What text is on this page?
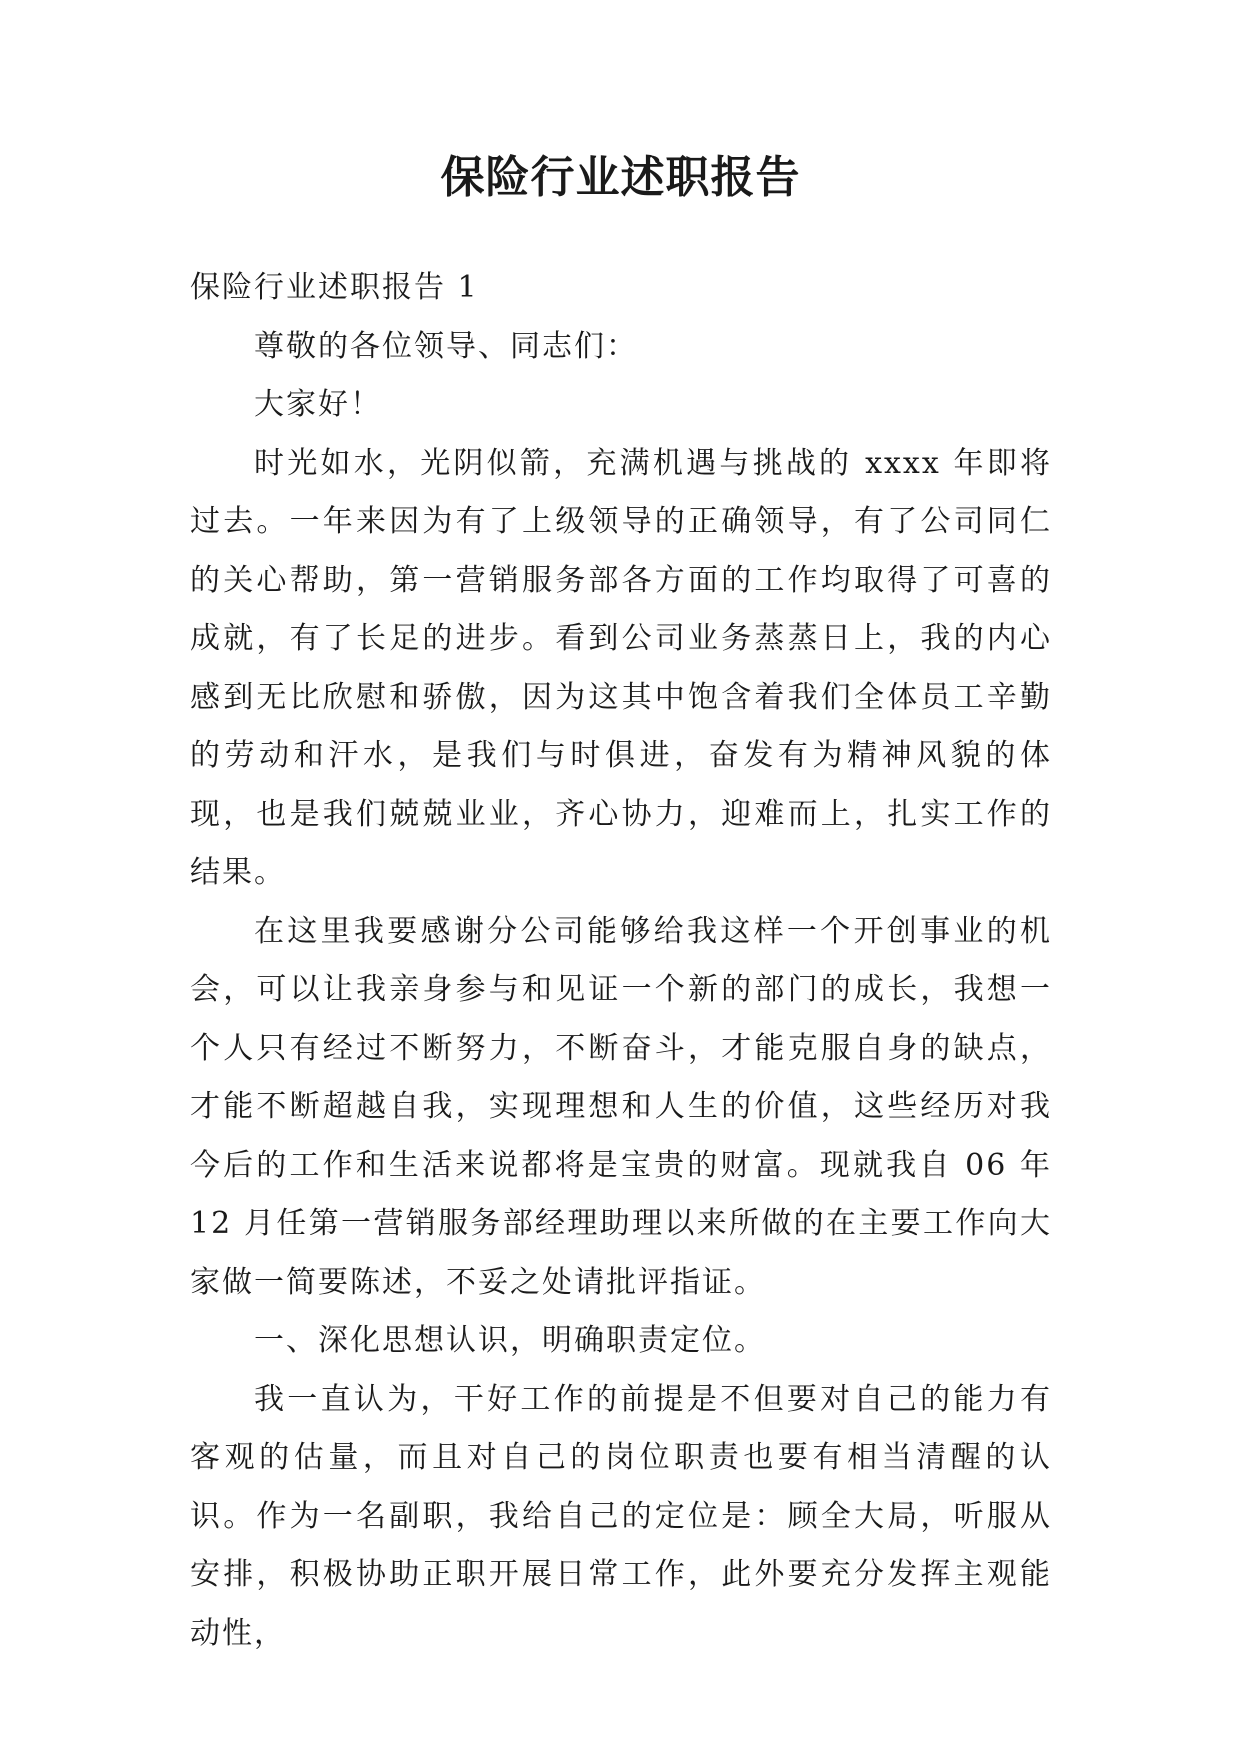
保险行业述职报告

保险行业述职报告 1

尊敬的各位领导、同志们：

大家好！

时光如水，光阴似箭，充满机遇与挑战的 xxxx 年即将过去。一年来因为有了上级领导的正确领导，有了公司同仁的关心帮助，第一营销服务部各方面的工作均取得了可喜的成就，有了长足的进步。看到公司业务蒸蒸日上，我的内心感到无比欣慰和骄傲，因为这其中饱含着我们全体员工辛勤的劳动和汗水，是我们与时俱进，奋发有为精神风貌的体现，也是我们兢兢业业，齐心协力，迎难而上，扎实工作的结果。

在这里我要感谢分公司能够给我这样一个开创事业的机会，可以让我亲身参与和见证一个新的部门的成长，我想一个人只有经过不断努力，不断奋斗，才能克服自身的缺点，才能不断超越自我，实现理想和人生的价值，这些经历对我今后的工作和生活来说都将是宝贵的财富。现就我自 06 年 12 月任第一营销服务部经理助理以来所做的在主要工作向大家做一简要陈述，不妥之处请批评指证。

一、深化思想认识，明确职责定位。

我一直认为，干好工作的前提是不但要对自己的能力有客观的估量，而且对自己的岗位职责也要有相当清醒的认识。作为一名副职，我给自己的定位是：顾全大局，听服从安排，积极协助正职开展日常工作，此外要充分发挥主观能动性，
